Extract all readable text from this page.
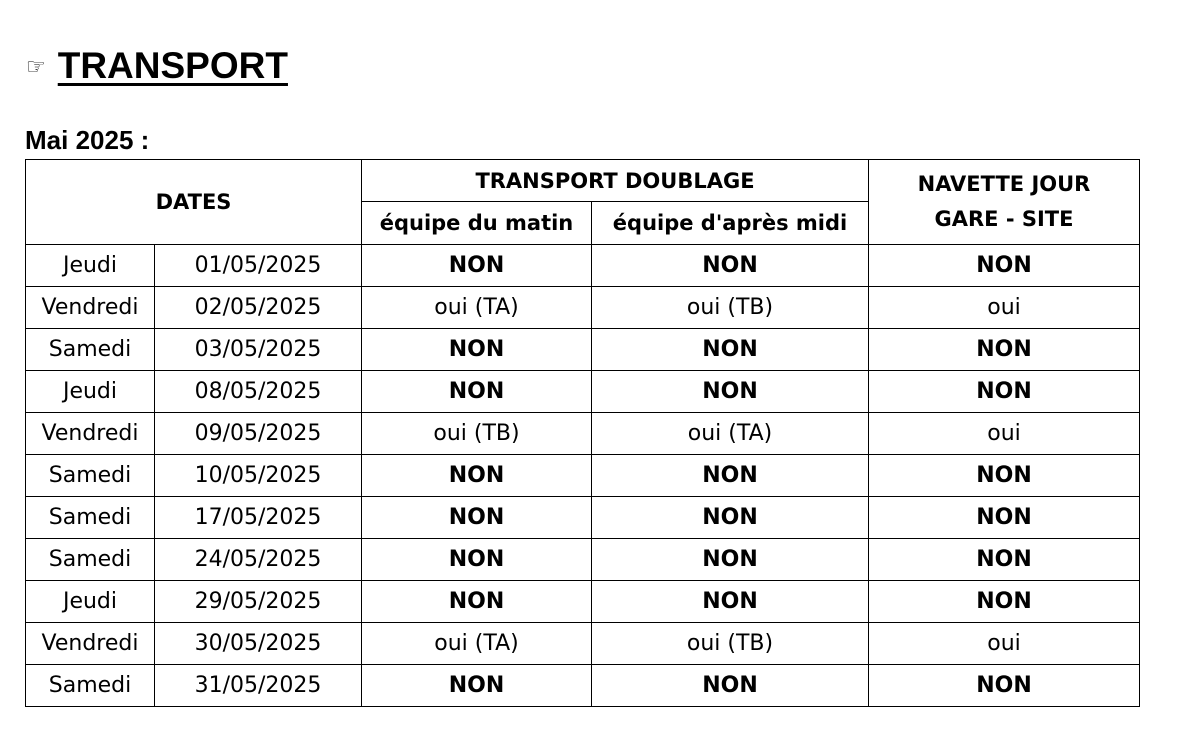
☞ TRANSPORT
Mai 2025 :
DATES		TRANSPORT DOUBLAGE		NAVETTE JOUR
GARE - SITE
		équipe du matin	équipe d'après midi	
Jeudi	01/05/2025	NON	NON	NON
Vendredi	02/05/2025	oui (TA)	oui (TB)	oui
Samedi	03/05/2025	NON	NON	NON
Jeudi	08/05/2025	NON	NON	NON
Vendredi	09/05/2025	oui (TB)	oui (TA)	oui
Samedi	10/05/2025	NON	NON	NON
Samedi	17/05/2025	NON	NON	NON
Samedi	24/05/2025	NON	NON	NON
Jeudi	29/05/2025	NON	NON	NON
Vendredi	30/05/2025	oui (TA)	oui (TB)	oui
Samedi	31/05/2025	NON	NON	NON
